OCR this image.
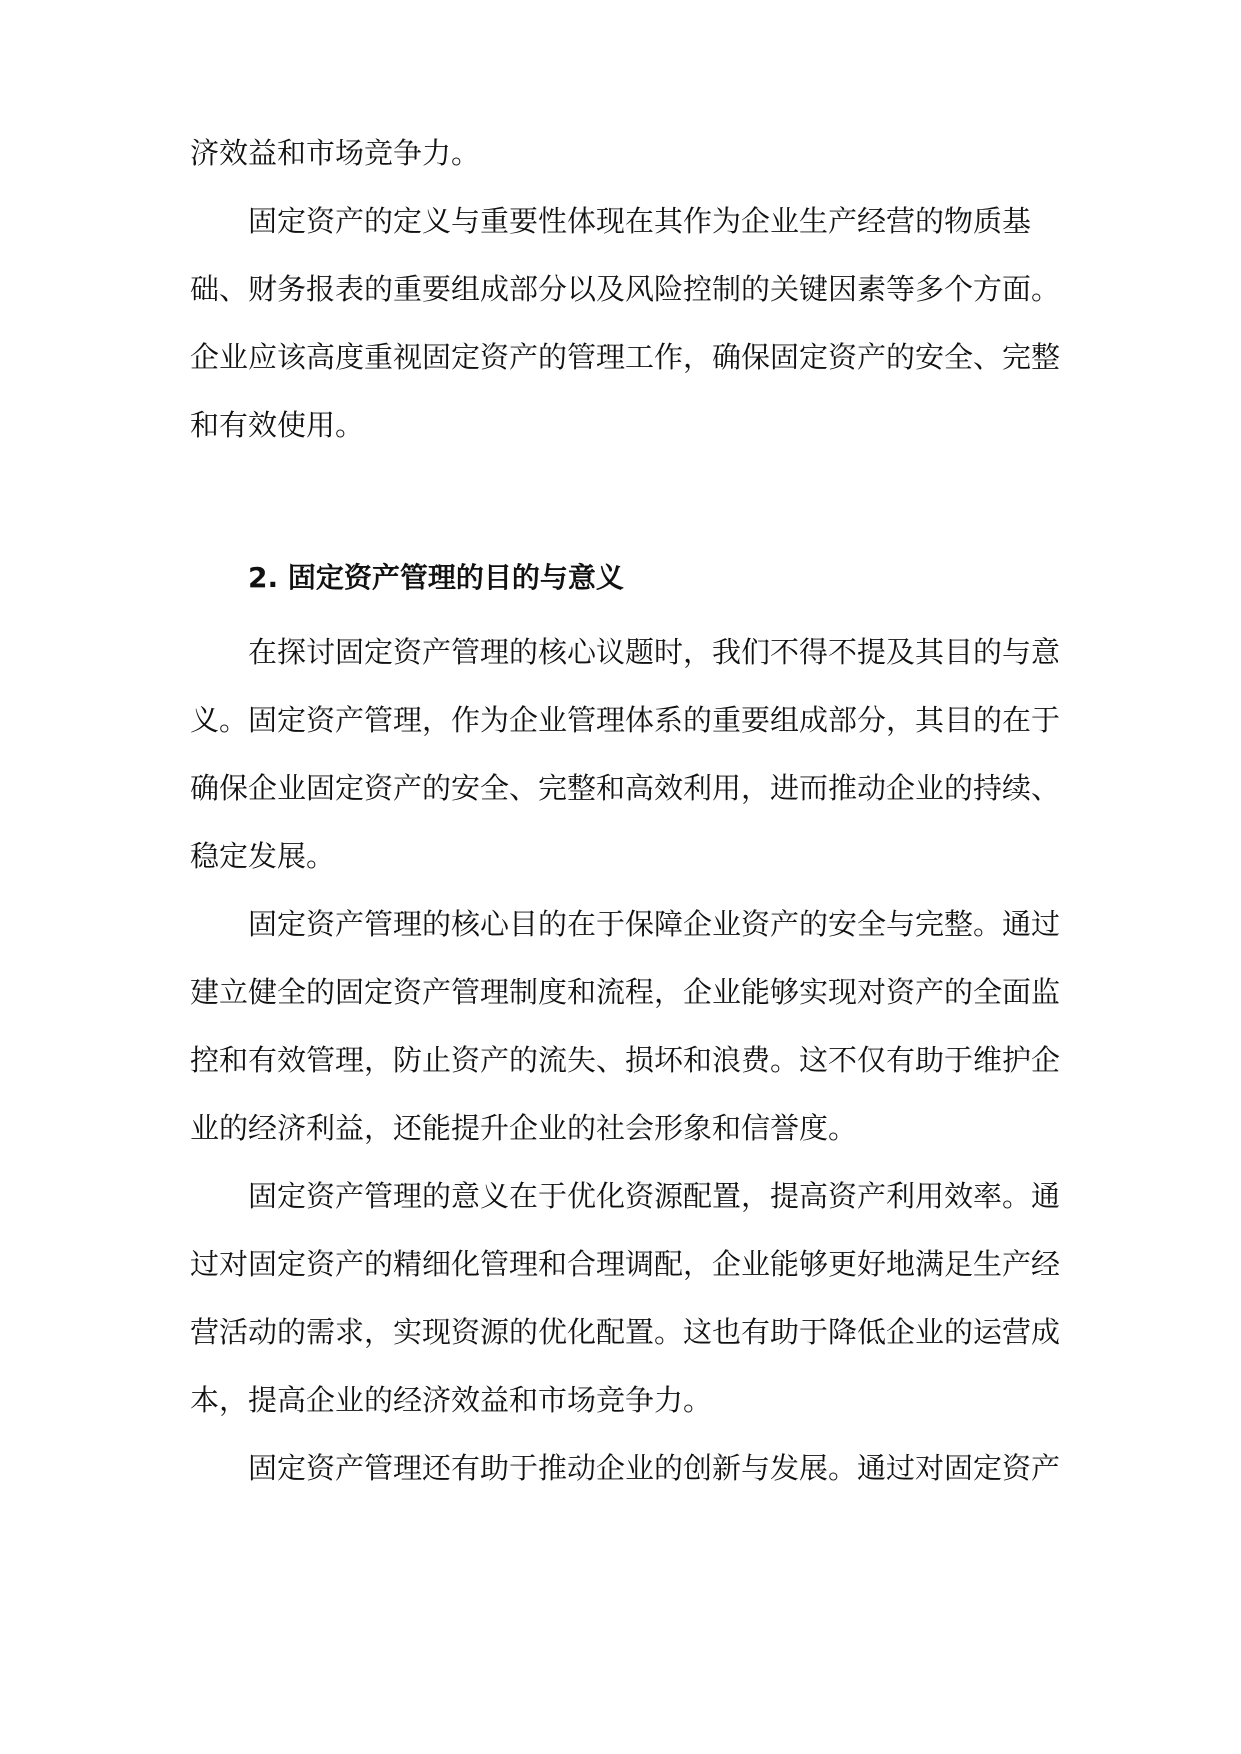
济效益和市场竞争力。
固定资产的定义与重要性体现在其作为企业生产经营的物质基
础、财务报表的重要组成部分以及风险控制的关键因素等多个方面。
企业应该高度重视固定资产的管理工作，确保固定资产的安全、完整
和有效使用。
2. 固定资产管理的目的与意义
在探讨固定资产管理的核心议题时，我们不得不提及其目的与意
义。固定资产管理，作为企业管理体系的重要组成部分，其目的在于
确保企业固定资产的安全、完整和高效利用，进而推动企业的持续、
稳定发展。
固定资产管理的核心目的在于保障企业资产的安全与完整。通过
建立健全的固定资产管理制度和流程，企业能够实现对资产的全面监
控和有效管理，防止资产的流失、损坏和浪费。这不仅有助于维护企
业的经济利益，还能提升企业的社会形象和信誉度。
固定资产管理的意义在于优化资源配置，提高资产利用效率。通
过对固定资产的精细化管理和合理调配，企业能够更好地满足生产经
营活动的需求，实现资源的优化配置。这也有助于降低企业的运营成
本，提高企业的经济效益和市场竞争力。
固定资产管理还有助于推动企业的创新与发展。通过对固定资产
